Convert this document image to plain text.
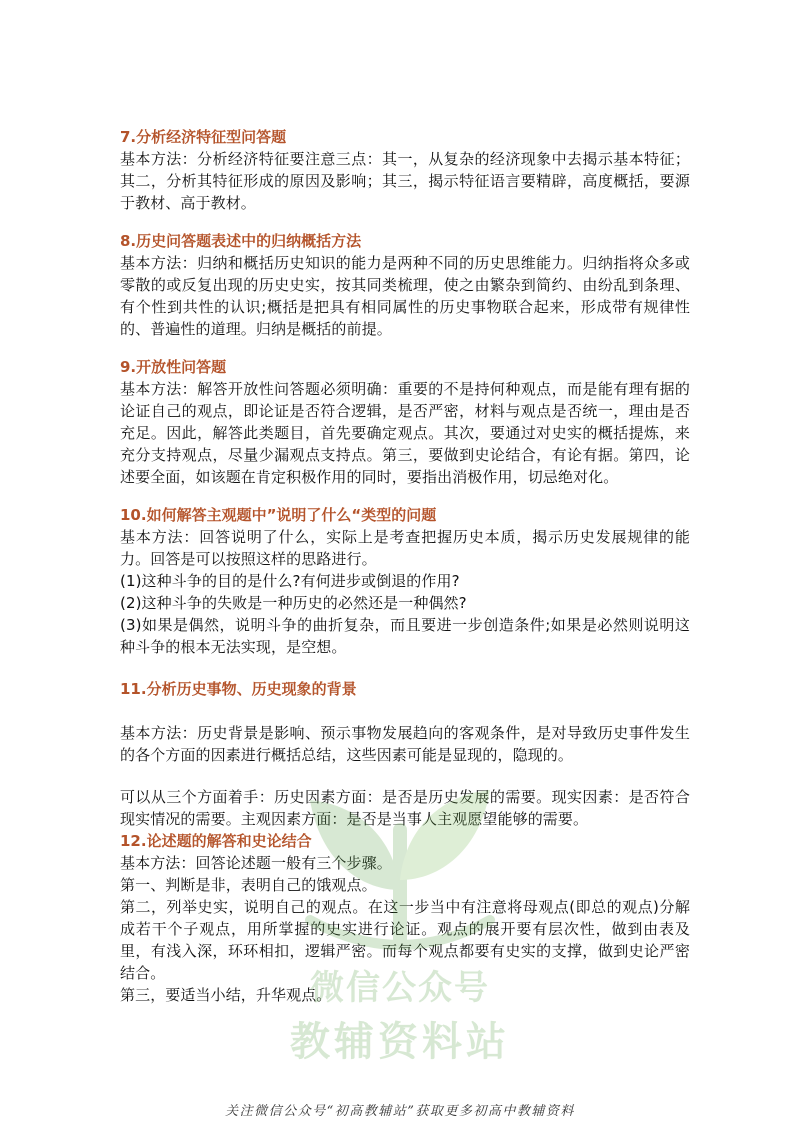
7.分析经济特征型问答题

基本方法：分析经济特征要注意三点：其一，从复杂的经济现象中去揭示基本特征；其二，分析其特征形成的原因及影响；其三，揭示特征语言要精辟，高度概括，要源于教材、高于教材。

8.历史问答题表述中的归纳概括方法

基本方法：归纳和概括历史知识的能力是两种不同的历史思维能力。归纳指将众多或零散的或反复出现的历史史实，按其同类梳理，使之由繁杂到简约、由纷乱到条理、有个性到共性的认识;概括是把具有相同属性的历史事物联合起来，形成带有规律性的、普遍性的道理。归纳是概括的前提。

9.开放性问答题

基本方法：解答开放性问答题必须明确：重要的不是持何种观点，而是能有理有据的论证自己的观点，即论证是否符合逻辑，是否严密，材料与观点是否统一，理由是否充足。因此，解答此类题目，首先要确定观点。其次，要通过对史实的概括提炼，来充分支持观点，尽量少漏观点支持点。第三，要做到史论结合，有论有据。第四，论述要全面，如该题在肯定积极作用的同时，要指出消极作用，切忌绝对化。

10.如何解答主观题中”说明了什么“类型的问题

基本方法：回答说明了什么，实际上是考查把握历史本质，揭示历史发展规律的能力。回答是可以按照这样的思路进行。

(1)这种斗争的目的是什么?有何进步或倒退的作用?

(2)这种斗争的失败是一种历史的必然还是一种偶然?

(3)如果是偶然，说明斗争的曲折复杂，而且要进一步创造条件;如果是必然则说明这种斗争的根本无法实现，是空想。

11.分析历史事物、历史现象的背景

基本方法：历史背景是影响、预示事物发展趋向的客观条件，是对导致历史事件发生的各个方面的因素进行概括总结，这些因素可能是显现的，隐现的。

可以从三个方面着手：历史因素方面：是否是历史发展的需要。现实因素：是否符合现实情况的需要。主观因素方面：是否是当事人主观愿望能够的需要。

12.论述题的解答和史论结合

基本方法：回答论述题一般有三个步骤。

第一、判断是非，表明自己的饿观点。

第二，列举史实，说明自己的观点。在这一步当中有注意将母观点(即总的观点)分解成若干个子观点，用所掌握的史实进行论证。观点的展开要有层次性，做到由表及里，有浅入深，环环相扣，逻辑严密。而每个观点都要有史实的支撑，做到史论严密结合。

第三，要适当小结，升华观点。

微信公众号
教辅资料站
关注微信公众号“初高教辅站”获取更多初高中教辅资料
